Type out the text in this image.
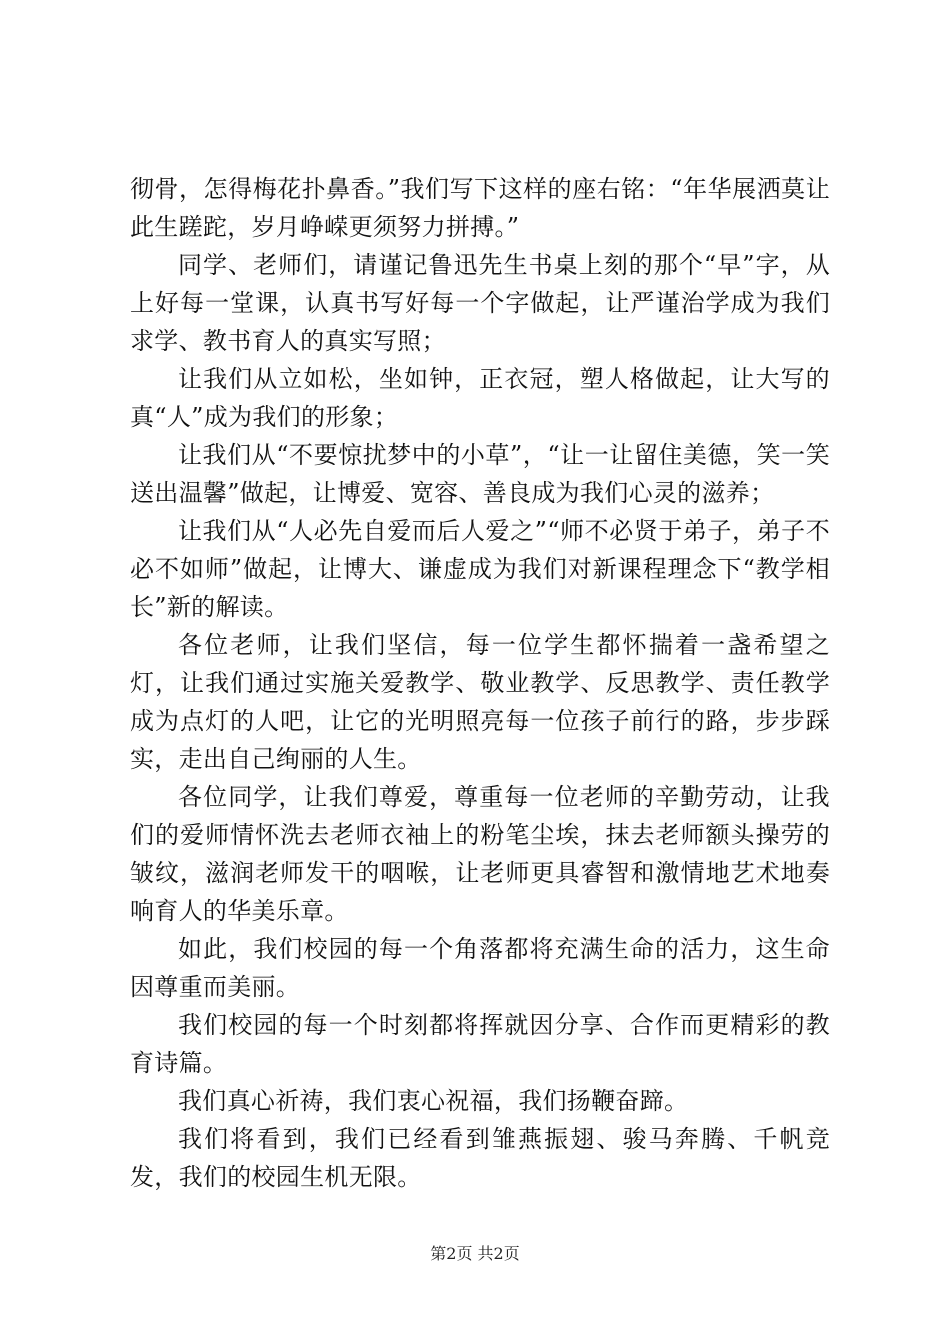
彻骨，怎得梅花扑鼻香。”我们写下这样的座右铭：“年华展洒莫让此生蹉跎，岁月峥嵘更须努力拼搏。”

同学、老师们，请谨记鲁迅先生书桌上刻的那个“早”字，从上好每一堂课，认真书写好每一个字做起，让严谨治学成为我们求学、教书育人的真实写照；

让我们从立如松，坐如钟，正衣冠，塑人格做起，让大写的真“人”成为我们的形象；

让我们从“不要惊扰梦中的小草”，“让一让留住美德，笑一笑送出温馨”做起，让博爱、宽容、善良成为我们心灵的滋养；

让我们从“人必先自爱而后人爱之”“师不必贤于弟子，弟子不必不如师”做起，让博大、谦虚成为我们对新课程理念下“教学相长”新的解读。

各位老师，让我们坚信，每一位学生都怀揣着一盏希望之灯，让我们通过实施关爱教学、敬业教学、反思教学、责任教学成为点灯的人吧，让它的光明照亮每一位孩子前行的路，步步踩实，走出自己绚丽的人生。

各位同学，让我们尊爱，尊重每一位老师的辛勤劳动，让我们的爱师情怀洗去老师衣袖上的粉笔尘埃，抹去老师额头操劳的皱纹，滋润老师发干的咽喉，让老师更具睿智和激情地艺术地奏响育人的华美乐章。

如此，我们校园的每一个角落都将充满生命的活力，这生命因尊重而美丽。

我们校园的每一个时刻都将挥就因分享、合作而更精彩的教育诗篇。

我们真心祈祷，我们衷心祝福，我们扬鞭奋蹄。

我们将看到，我们已经看到雏燕振翅、骏马奔腾、千帆竞发，我们的校园生机无限。

第2页 共2页
